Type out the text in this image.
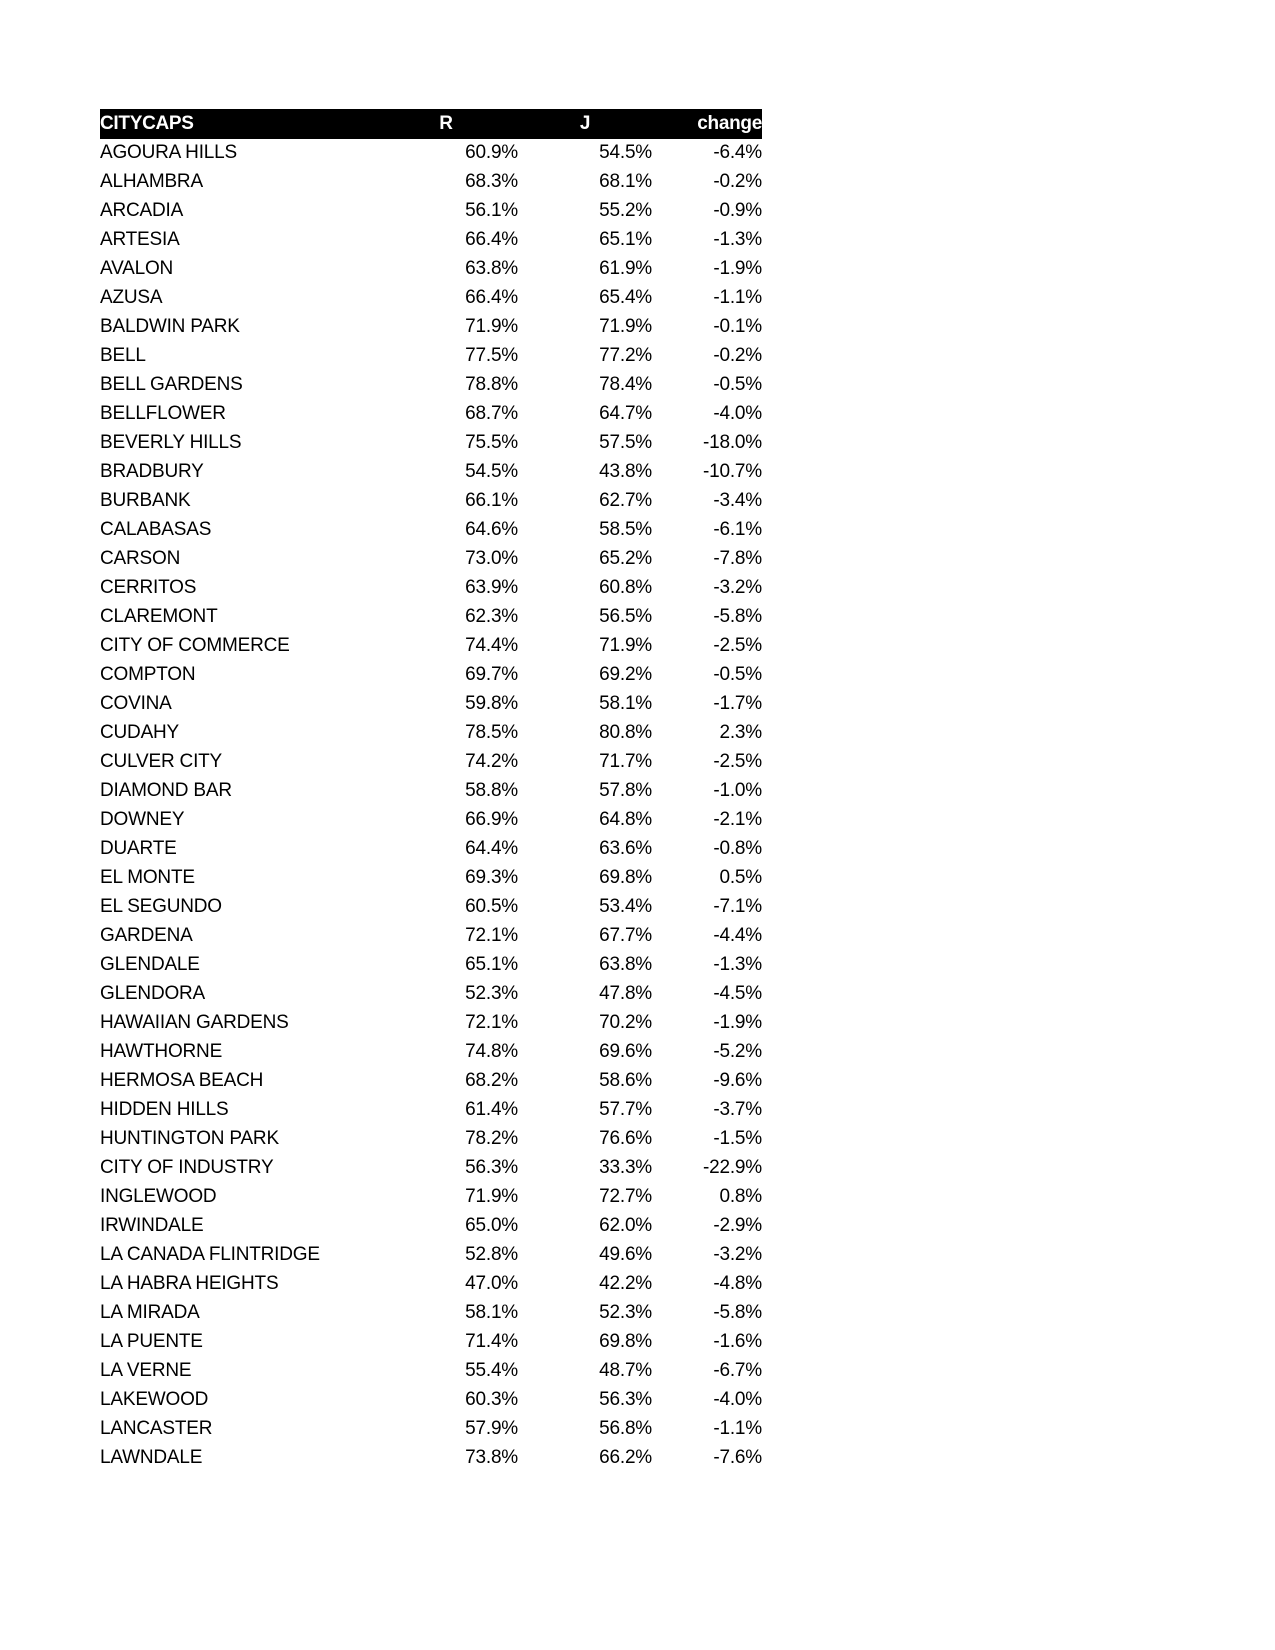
CITYCAPS	R	J	change
AGOURA HILLS	60.9%	54.5%	-6.4%
ALHAMBRA	68.3%	68.1%	-0.2%
ARCADIA	56.1%	55.2%	-0.9%
ARTESIA	66.4%	65.1%	-1.3%
AVALON	63.8%	61.9%	-1.9%
AZUSA	66.4%	65.4%	-1.1%
BALDWIN PARK	71.9%	71.9%	-0.1%
BELL	77.5%	77.2%	-0.2%
BELL GARDENS	78.8%	78.4%	-0.5%
BELLFLOWER	68.7%	64.7%	-4.0%
BEVERLY HILLS	75.5%	57.5%	-18.0%
BRADBURY	54.5%	43.8%	-10.7%
BURBANK	66.1%	62.7%	-3.4%
CALABASAS	64.6%	58.5%	-6.1%
CARSON	73.0%	65.2%	-7.8%
CERRITOS	63.9%	60.8%	-3.2%
CLAREMONT	62.3%	56.5%	-5.8%
CITY OF COMMERCE	74.4%	71.9%	-2.5%
COMPTON	69.7%	69.2%	-0.5%
COVINA	59.8%	58.1%	-1.7%
CUDAHY	78.5%	80.8%	2.3%
CULVER CITY	74.2%	71.7%	-2.5%
DIAMOND BAR	58.8%	57.8%	-1.0%
DOWNEY	66.9%	64.8%	-2.1%
DUARTE	64.4%	63.6%	-0.8%
EL MONTE	69.3%	69.8%	0.5%
EL SEGUNDO	60.5%	53.4%	-7.1%
GARDENA	72.1%	67.7%	-4.4%
GLENDALE	65.1%	63.8%	-1.3%
GLENDORA	52.3%	47.8%	-4.5%
HAWAIIAN GARDENS	72.1%	70.2%	-1.9%
HAWTHORNE	74.8%	69.6%	-5.2%
HERMOSA BEACH	68.2%	58.6%	-9.6%
HIDDEN HILLS	61.4%	57.7%	-3.7%
HUNTINGTON PARK	78.2%	76.6%	-1.5%
CITY OF INDUSTRY	56.3%	33.3%	-22.9%
INGLEWOOD	71.9%	72.7%	0.8%
IRWINDALE	65.0%	62.0%	-2.9%
LA CANADA FLINTRIDGE	52.8%	49.6%	-3.2%
LA HABRA HEIGHTS	47.0%	42.2%	-4.8%
LA MIRADA	58.1%	52.3%	-5.8%
LA PUENTE	71.4%	69.8%	-1.6%
LA VERNE	55.4%	48.7%	-6.7%
LAKEWOOD	60.3%	56.3%	-4.0%
LANCASTER	57.9%	56.8%	-1.1%
LAWNDALE	73.8%	66.2%	-7.6%
